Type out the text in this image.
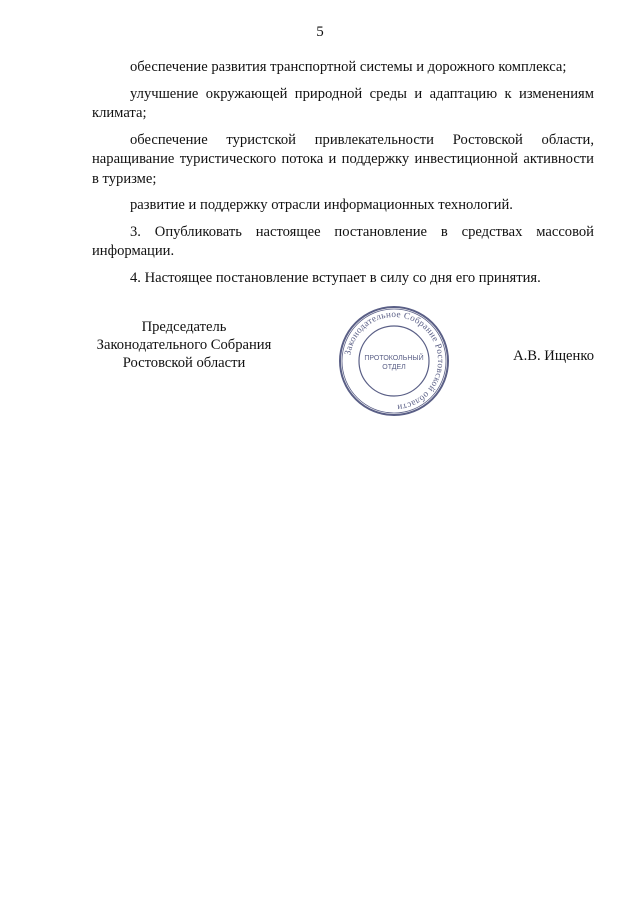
5

обеспечение развития транспортной системы и дорожного комплекса;

улучшение окружающей природной среды и адаптацию к изменениям климата;

обеспечение туристской привлекательности Ростовской области, наращивание туристического потока и поддержку инвестиционной активности в туризме;

развитие и поддержку отрасли информационных технологий.

3. Опубликовать настоящее постановление в средствах массовой информации.

4. Настоящее постановление вступает в силу со дня его принятия.

Председатель
Законодательного Собрания
Ростовской области	А.В. Ищенко
Законодательное Собрание Ростовской области
ПРОТОКОЛЬНЫЙ
ОТДЕЛ
